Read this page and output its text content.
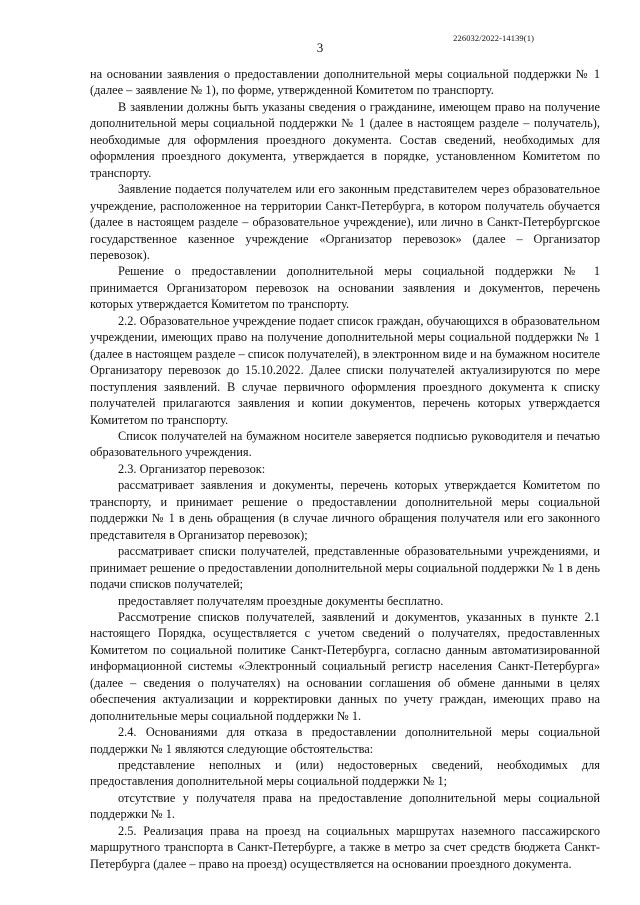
226032/2022-14139(1)
3

на основании заявления о предоставлении дополнительной меры социальной поддержки № 1 (далее – заявление № 1), по форме, утвержденной Комитетом по транспорту.

В заявлении должны быть указаны сведения о гражданине, имеющем право на получение дополнительной меры социальной поддержки № 1 (далее в настоящем разделе – получатель), необходимые для оформления проездного документа. Состав сведений, необходимых для оформления проездного документа, утверждается в порядке, установленном Комитетом по транспорту.

Заявление подается получателем или его законным представителем через образовательное учреждение, расположенное на территории Санкт-Петербурга, в котором получатель обучается (далее в настоящем разделе – образовательное учреждение), или лично в Санкт-Петербургское государственное казенное учреждение «Организатор перевозок» (далее – Организатор перевозок).

Решение о предоставлении дополнительной меры социальной поддержки № 1 принимается Организатором перевозок на основании заявления и документов, перечень которых утверждается Комитетом по транспорту.

2.2. Образовательное учреждение подает список граждан, обучающихся в образовательном учреждении, имеющих право на получение дополнительной меры социальной поддержки № 1 (далее в настоящем разделе – список получателей), в электронном виде и на бумажном носителе Организатору перевозок до 15.10.2022. Далее списки получателей актуализируются по мере поступления заявлений. В случае первичного оформления проездного документа к списку получателей прилагаются заявления и копии документов, перечень которых утверждается Комитетом по транспорту.

Список получателей на бумажном носителе заверяется подписью руководителя и печатью образовательного учреждения.

2.3. Организатор перевозок:

рассматривает заявления и документы, перечень которых утверждается Комитетом по транспорту, и принимает решение о предоставлении дополнительной меры социальной поддержки № 1 в день обращения (в случае личного обращения получателя или его законного представителя в Организатор перевозок);

рассматривает списки получателей, представленные образовательными учреждениями, и принимает решение о предоставлении дополнительной меры социальной поддержки № 1 в день подачи списков получателей;

предоставляет получателям проездные документы бесплатно.

Рассмотрение списков получателей, заявлений и документов, указанных в пункте 2.1 настоящего Порядка, осуществляется с учетом сведений о получателях, предоставленных Комитетом по социальной политике Санкт-Петербурга, согласно данным автоматизированной информационной системы «Электронный социальный регистр населения Санкт-Петербурга» (далее – сведения о получателях) на основании соглашения об обмене данными в целях обеспечения актуализации и корректировки данных по учету граждан, имеющих право на дополнительные меры социальной поддержки № 1.

2.4. Основаниями для отказа в предоставлении дополнительной меры социальной поддержки № 1 являются следующие обстоятельства:

представление неполных и (или) недостоверных сведений, необходимых для предоставления дополнительной меры социальной поддержки № 1;

отсутствие у получателя права на предоставление дополнительной меры социальной поддержки № 1.

2.5. Реализация права на проезд на социальных маршрутах наземного пассажирского маршрутного транспорта в Санкт-Петербурге, а также в метро за счет средств бюджета Санкт-Петербурга (далее – право на проезд) осуществляется на основании проездного документа.
